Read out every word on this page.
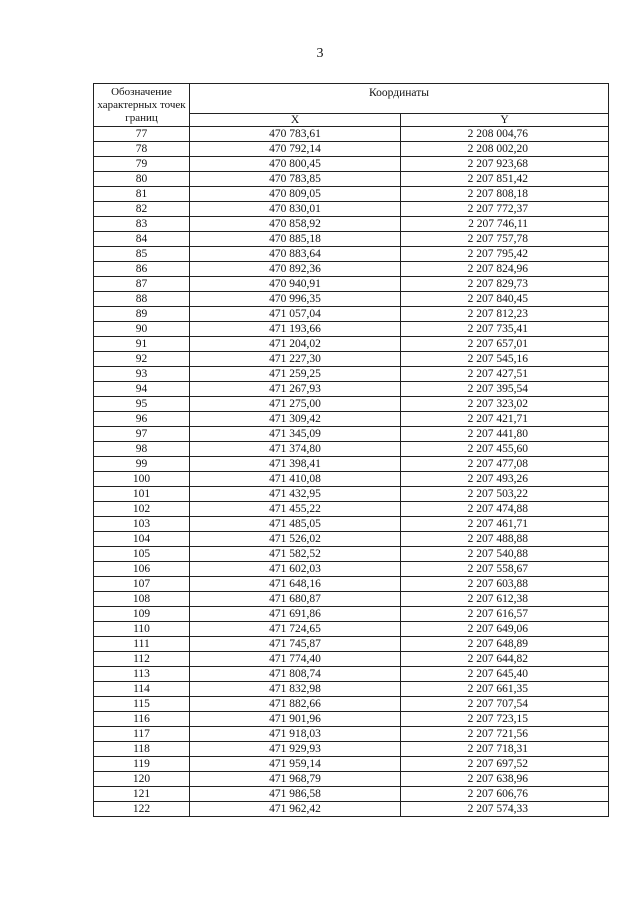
3
Обозначение характерных точек границ	Координаты	
	X	Y
77	470 783,61	2 208 004,76
78	470 792,14	2 208 002,20
79	470 800,45	2 207 923,68
80	470 783,85	2 207 851,42
81	470 809,05	2 207 808,18
82	470 830,01	2 207 772,37
83	470 858,92	2 207 746,11
84	470 885,18	2 207 757,78
85	470 883,64	2 207 795,42
86	470 892,36	2 207 824,96
87	470 940,91	2 207 829,73
88	470 996,35	2 207 840,45
89	471 057,04	2 207 812,23
90	471 193,66	2 207 735,41
91	471 204,02	2 207 657,01
92	471 227,30	2 207 545,16
93	471 259,25	2 207 427,51
94	471 267,93	2 207 395,54
95	471 275,00	2 207 323,02
96	471 309,42	2 207 421,71
97	471 345,09	2 207 441,80
98	471 374,80	2 207 455,60
99	471 398,41	2 207 477,08
100	471 410,08	2 207 493,26
101	471 432,95	2 207 503,22
102	471 455,22	2 207 474,88
103	471 485,05	2 207 461,71
104	471 526,02	2 207 488,88
105	471 582,52	2 207 540,88
106	471 602,03	2 207 558,67
107	471 648,16	2 207 603,88
108	471 680,87	2 207 612,38
109	471 691,86	2 207 616,57
110	471 724,65	2 207 649,06
111	471 745,87	2 207 648,89
112	471 774,40	2 207 644,82
113	471 808,74	2 207 645,40
114	471 832,98	2 207 661,35
115	471 882,66	2 207 707,54
116	471 901,96	2 207 723,15
117	471 918,03	2 207 721,56
118	471 929,93	2 207 718,31
119	471 959,14	2 207 697,52
120	471 968,79	2 207 638,96
121	471 986,58	2 207 606,76
122	471 962,42	2 207 574,33
